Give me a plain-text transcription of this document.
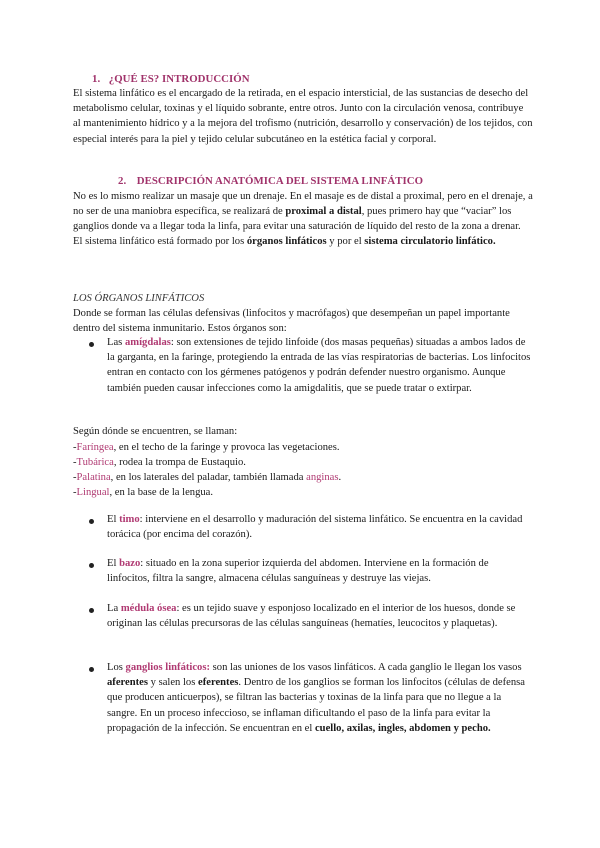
1. ¿QUÉ ES? INTRODUCCIÓN

El sistema linfático es el encargado de la retirada, en el espacio intersticial, de las sustancias de desecho del metabolismo celular, toxinas y el líquido sobrante, entre otros. Junto con la circulación venosa, contribuye al mantenimiento hídrico y a la mejora del trofismo (nutrición, desarrollo y conservación) de los tejidos, con especial interés para la piel y tejido celular subcutáneo en la estética facial y corporal.

2. DESCRIPCIÓN ANATÓMICA DEL SISTEMA LINFÁTICO

No es lo mismo realizar un masaje que un drenaje. En el masaje es de distal a proximal, pero en el drenaje, a no ser de una maniobra específica, se realizará de proximal a distal, pues primero hay que “vaciar” los ganglios donde va a llegar toda la linfa, para evitar una saturación de líquido del resto de la zona a drenar.

El sistema linfático está formado por los órganos linfáticos y por el sistema circulatorio linfático.

LOS ÓRGANOS LINFÁTICOS

Donde se forman las células defensivas (linfocitos y macrófagos) que desempeñan un papel importante dentro del sistema inmunitario. Estos órganos son:

Las amígdalas: son extensiones de tejido linfoide (dos masas pequeñas) situadas a ambos lados de la garganta, en la faringe, protegiendo la entrada de las vías respiratorias de bacterias. Los linfocitos entran en contacto con los gérmenes patógenos y podrán defender nuestro organismo. Aunque también pueden causar infecciones como la amigdalitis, que se puede tratar o extirpar.

Según dónde se encuentren, se llaman:

-Faríngea, en el techo de la faringe y provoca las vegetaciones.

-Tubárica, rodea la trompa de Eustaquio.

-Palatina, en los laterales del paladar, también llamada anginas.

-Lingual, en la base de la lengua.

El timo: interviene en el desarrollo y maduración del sistema linfático. Se encuentra en la cavidad torácica (por encima del corazón).

El bazo: situado en la zona superior izquierda del abdomen. Interviene en la formación de linfocitos, filtra la sangre, almacena células sanguíneas y destruye las viejas.

La médula ósea: es un tejido suave y esponjoso localizado en el interior de los huesos, donde se originan las células precursoras de las células sanguíneas (hematíes, leucocitos y plaquetas).

Los ganglios linfáticos: son las uniones de los vasos linfáticos. A cada ganglio le llegan los vasos aferentes y salen los eferentes. Dentro de los ganglios se forman los linfocitos (células de defensa que producen anticuerpos), se filtran las bacterias y toxinas de la linfa para que no llegue a la sangre. En un proceso infeccioso, se inflaman dificultando el paso de la linfa para evitar la propagación de la infección. Se encuentran en el cuello, axilas, ingles, abdomen y pecho.
